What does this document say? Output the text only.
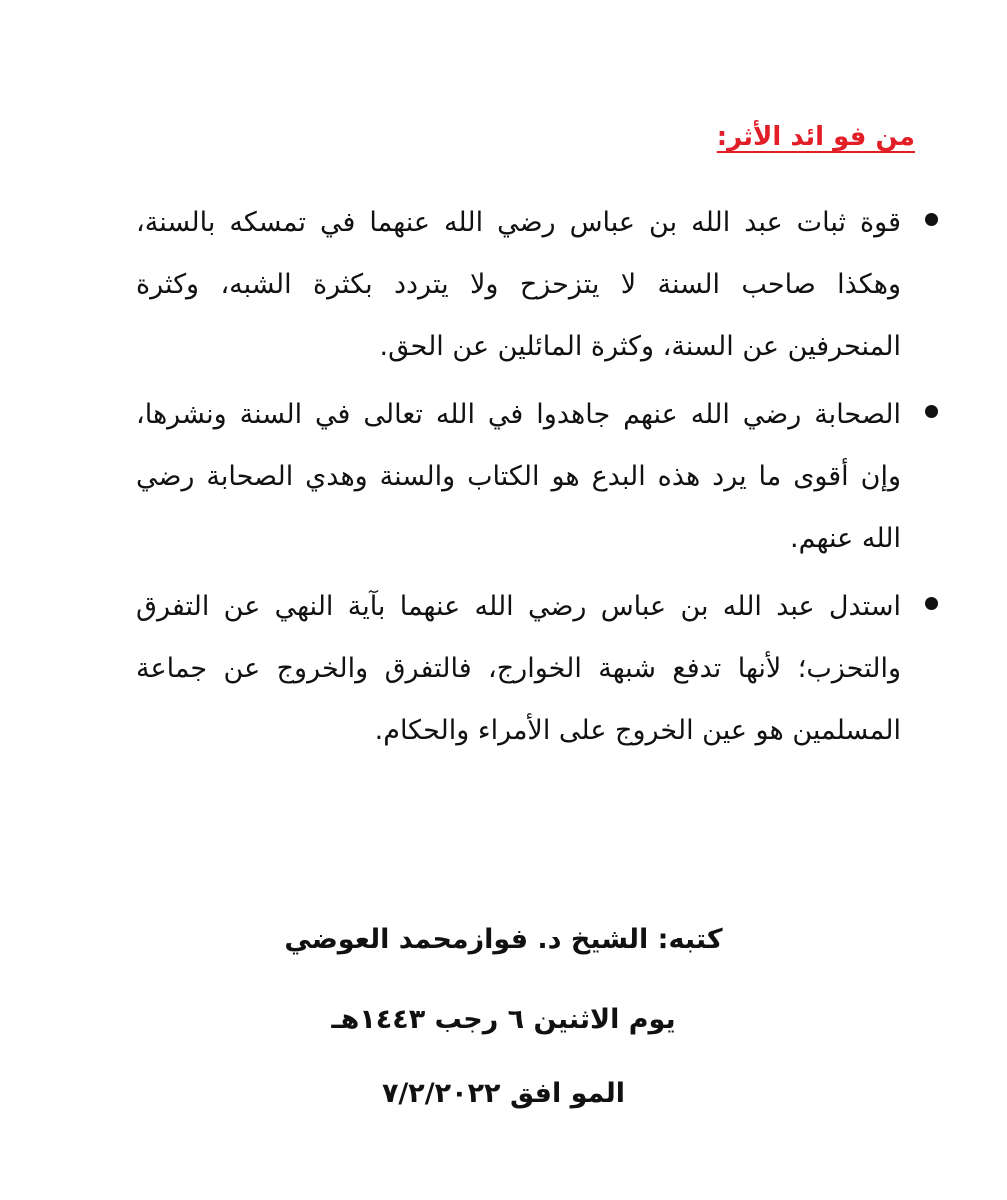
من فو ائد الأثر:
قوة ثبات عبد الله بن عباس رضي الله عنهما في تمسكه بالسنة، وهكذا صاحب السنة لا يتزحزح ولا يتردد بكثرة الشبه، وكثرة المنحرفين عن السنة، وكثرة المائلين عن الحق.
الصحابة رضي الله عنهم جاهدوا في الله تعالى في السنة ونشرها، وإن أقوى ما يرد هذه البدع هو الكتاب والسنة وهدي الصحابة رضي الله عنهم.
استدل عبد الله بن عباس رضي الله عنهما بآية النهي عن التفرق والتحزب؛ لأنها تدفع شبهة الخوارج، فالتفرق والخروج عن جماعة المسلمين هو عين الخروج على الأمراء والحكام.
كتبه: الشيخ د. فوازمحمد العوضي
يوم الاثنين ٦ رجب ١٤٤٣هـ
المو افق ٧/٢/٢٠٢٢
